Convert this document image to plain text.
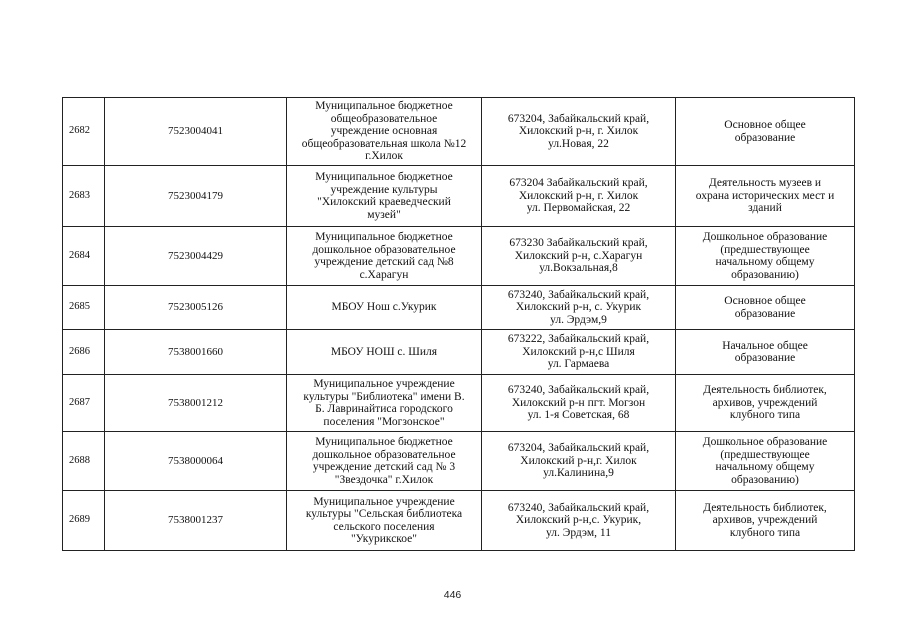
2682	7523004041	Муниципальное бюджетное
общеобразовательное
учреждение основная
общеобразовательная школа №12
г.Хилок	673204, Забайкальский край,
Хилокский р-н, г. Хилок
ул.Новая, 22	Основное общее
образование

2683	7523004179	Муниципальное бюджетное
учреждение культуры
"Хилокский краеведческий
музей"	673204 Забайкальский край,
Хилокский р-н, г. Хилок
ул. Первомайская, 22	Деятельность музеев и
охрана исторических мест и
зданий

2684	7523004429	Муниципальное бюджетное
дошкольное образовательное
учреждение детский сад №8
с.Харагун	673230 Забайкальский край,
Хилокский р-н, с.Харагун
ул.Вокзальная,8	Дошкольное образование
(предшествующее
начальному общему
образованию)

2685	7523005126	МБОУ Нош с.Укурик	673240, Забайкальский край,
Хилокский р-н, с. Укурик
ул. Эрдэм,9	Основное общее
образование

2686	7538001660	МБОУ НОШ с. Шиля	673222, Забайкальский край,
Хилокский р-н,с Шиля
ул. Гармаева	Начальное общее
образование

2687	7538001212	Муниципальное учреждение
культуры "Библиотека" имени В.
Б. Лавринайтиса городского
поселения "Могзонское"	673240, Забайкальский край,
Хилокский р-н пгт. Могзон
ул. 1-я Советская, 68	Деятельность библиотек,
архивов, учреждений
клубного типа

2688	7538000064	Муниципальное бюджетное
дошкольное образовательное
учреждение детский сад № 3
"Звездочка" г.Хилок	673204, Забайкальский край,
Хилокский р-н,г. Хилок
ул.Калинина,9	Дошкольное образование
(предшествующее
начальному общему
образованию)

2689	7538001237	Муниципальное учреждение
культуры "Сельская библиотека
сельского поселения
"Укурикское"	673240, Забайкальский край,
Хилокский р-н,с. Укурик,
ул. Эрдэм, 11	Деятельность библиотек,
архивов, учреждений
клубного типа
446
